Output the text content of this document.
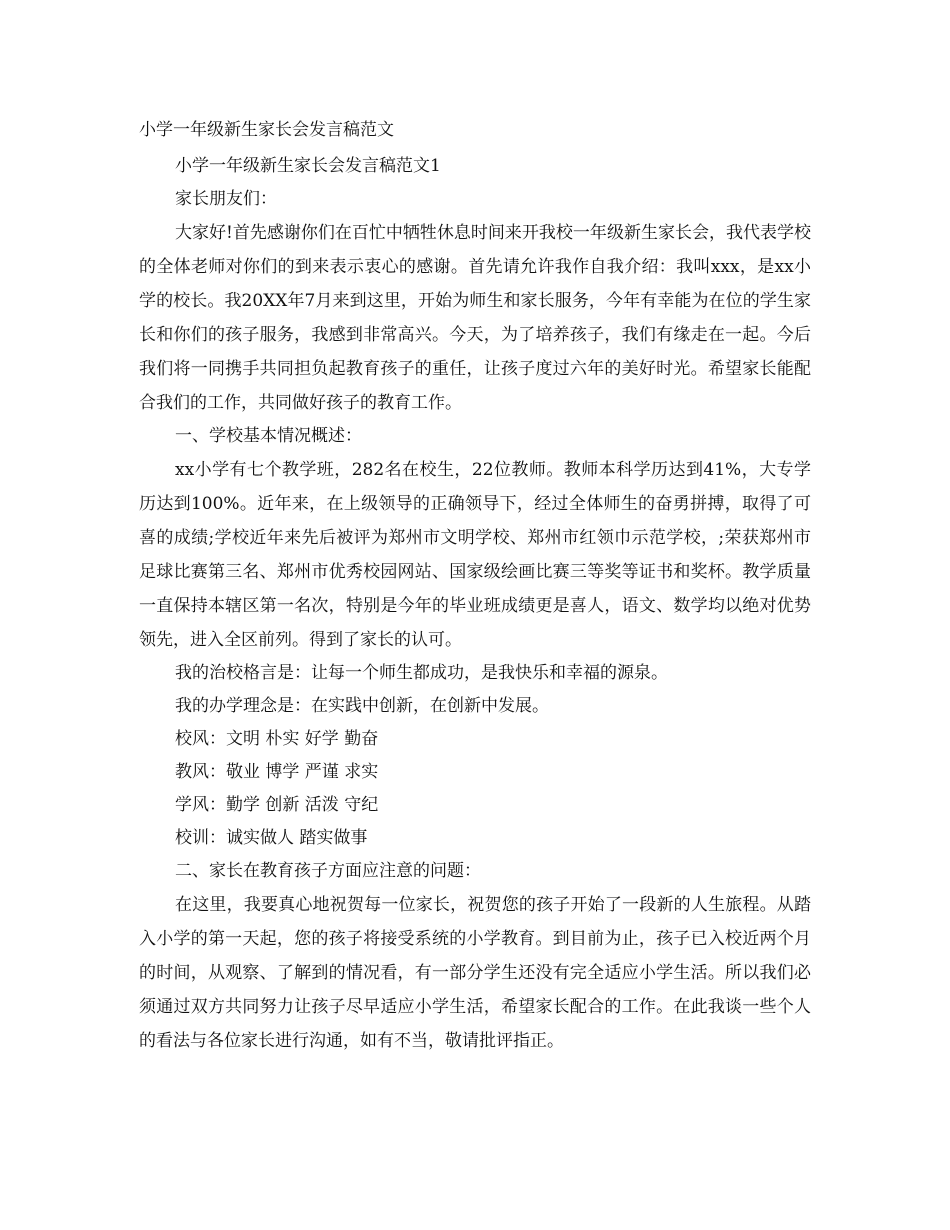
小学一年级新生家长会发言稿范文

小学一年级新生家长会发言稿范文1

家长朋友们：

大家好!首先感谢你们在百忙中牺牲休息时间来开我校一年级新生家长会，我代表学校的全体老师对你们的到来表示衷心的感谢。首先请允许我作自我介绍：我叫xxx，是xx小学的校长。我20XX年7月来到这里，开始为师生和家长服务，今年有幸能为在位的学生家长和你们的孩子服务，我感到非常高兴。今天，为了培养孩子，我们有缘走在一起。今后我们将一同携手共同担负起教育孩子的重任，让孩子度过六年的美好时光。希望家长能配合我们的工作，共同做好孩子的教育工作。

一、学校基本情况概述：

xx小学有七个教学班，282名在校生，22位教师。教师本科学历达到41%，大专学历达到100%。近年来，在上级领导的正确领导下，经过全体师生的奋勇拼搏，取得了可喜的成绩;学校近年来先后被评为郑州市文明学校、郑州市红领巾示范学校，;荣获郑州市足球比赛第三名、郑州市优秀校园网站、国家级绘画比赛三等奖等证书和奖杯。教学质量一直保持本辖区第一名次，特别是今年的毕业班成绩更是喜人，语文、数学均以绝对优势领先，进入全区前列。得到了家长的认可。

我的治校格言是：让每一个师生都成功，是我快乐和幸福的源泉。

我的办学理念是：在实践中创新，在创新中发展。

校风：文明 朴实 好学 勤奋

教风：敬业 博学 严谨 求实

学风：勤学 创新 活泼 守纪

校训：诚实做人 踏实做事

二、家长在教育孩子方面应注意的问题：

在这里，我要真心地祝贺每一位家长，祝贺您的孩子开始了一段新的人生旅程。从踏入小学的第一天起，您的孩子将接受系统的小学教育。到目前为止，孩子已入校近两个月的时间，从观察、了解到的情况看，有一部分学生还没有完全适应小学生活。所以我们必须通过双方共同努力让孩子尽早适应小学生活，希望家长配合的工作。在此我谈一些个人的看法与各位家长进行沟通，如有不当，敬请批评指正。
